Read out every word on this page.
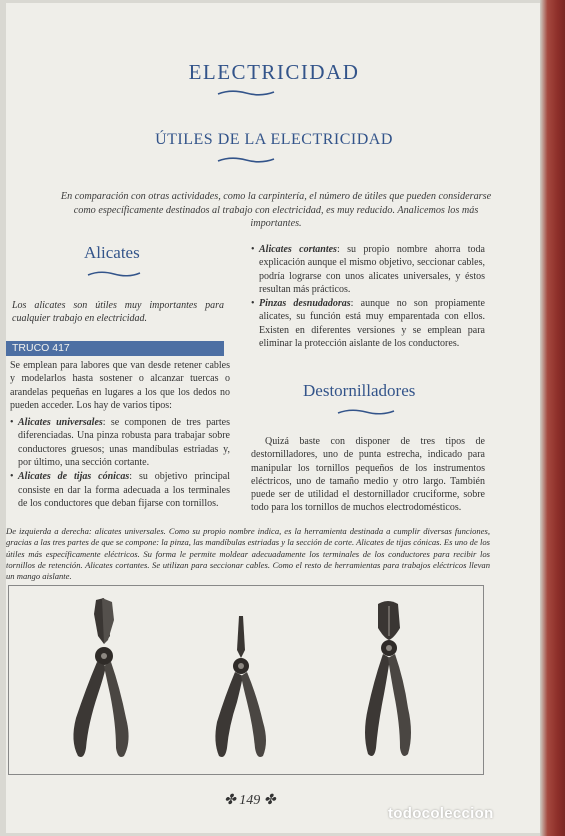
ELECTRICIDAD
ÚTILES DE LA ELECTRICIDAD
En comparación con otras actividades, como la carpintería, el número de útiles que pueden considerarse como específicamente destinados al trabajo con electricidad, es muy reducido. Analicemos los más importantes.
Alicates
Los alicates son útiles muy importantes para cualquier trabajo en electricidad.
TRUCO 417
Se emplean para labores que van desde retener cables y modelarlos hasta sostener o alcanzar tuercas o arandelas pequeñas en lugares a los que los dedos no pueden acceder. Los hay de varios tipos:
• Alicates universales: se componen de tres partes diferenciadas. Una pinza robusta para trabajar sobre conductores gruesos; unas mandíbulas estriadas y, por último, una sección cortante.
• Alicates de tijas cónicas: su objetivo principal consiste en dar la forma adecuada a los terminales de los conductores que deban fijarse con tornillos.
• Alicates cortantes: su propio nombre ahorra toda explicación aunque el mismo objetivo, seccionar cables, podría lograrse con unos alicates universales, y éstos resultan más prácticos.
• Pinzas desnudadoras: aunque no son propiamente alicates, su función está muy emparentada con ellos. Existen en diferentes versiones y se emplean para eliminar la protección aislante de los conductores.
Destornilladores
Quizá baste con disponer de tres tipos de destornilladores, uno de punta estrecha, indicado para manipular los tornillos pequeños de los instrumentos eléctricos, uno de tamaño medio y otro largo. También puede ser de utilidad el destornillador cruciforme, sobre todo para los tornillos de muchos electrodomésticos.
De izquierda a derecha: alicates universales. Como su propio nombre indica, es la herramienta destinada a cumplir diversas funciones, gracias a las tres partes de que se compone: la pinza, las mandíbulas estriadas y la sección de corte. Alicates de tijas cónicas. Es uno de los útiles más específicamente eléctricos. Su forma le permite moldear adecuadamente los terminales de los conductores para recibir los tornillos de retención. Alicates cortantes. Se utilizan para seccionar cables. Como el resto de herramientas para trabajos eléctricos llevan un mango aislante.
✤ 149 ✤
todocoleccion
